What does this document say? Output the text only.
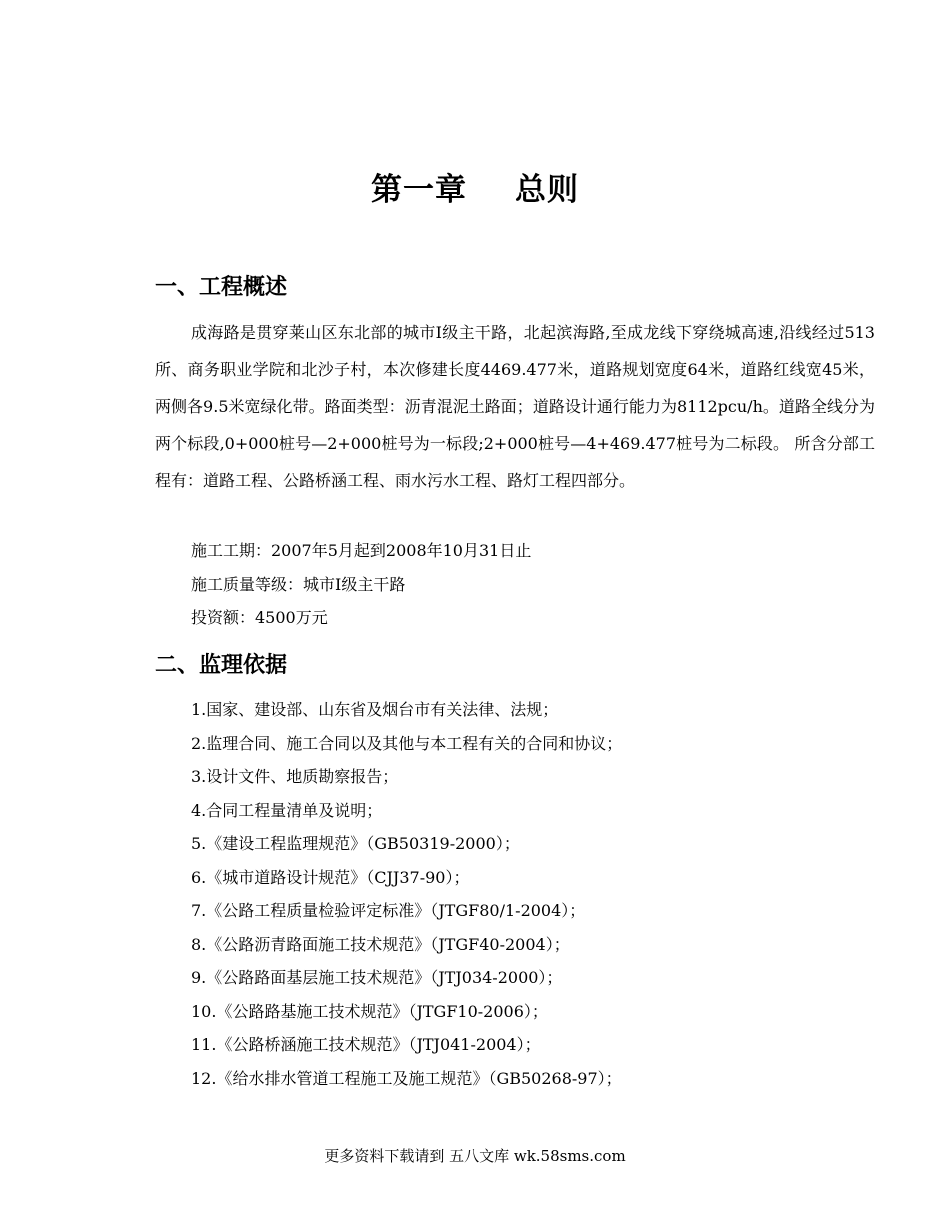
第一章 总则
一、工程概述
成海路是贯穿莱山区东北部的城市Ⅰ级主干路，北起滨海路,至成龙线下穿绕城高速,沿线经过513所、商务职业学院和北沙子村，本次修建长度4469.477米，道路规划宽度64米，道路红线宽45米，两侧各9.5米宽绿化带。路面类型：沥青混泥土路面；道路设计通行能力为8112pcu/h。道路全线分为两个标段,0+000桩号—2+000桩号为一标段;2+000桩号—4+469.477桩号为二标段。 所含分部工程有：道路工程、公路桥涵工程、雨水污水工程、路灯工程四部分。
施工工期：2007年5月起到2008年10月31日止
施工质量等级：城市Ⅰ级主干路
投资额：4500万元
二、监理依据
1.国家、建设部、山东省及烟台市有关法律、法规；
2.监理合同、施工合同以及其他与本工程有关的合同和协议；
3.设计文件、地质勘察报告；
4.合同工程量清单及说明；
5.《建设工程监理规范》（GB50319-2000）；
6.《城市道路设计规范》（CJJ37-90）；
7.《公路工程质量检验评定标准》（JTGF80/1-2004）；
8.《公路沥青路面施工技术规范》（JTGF40-2004）；
9.《公路路面基层施工技术规范》（JTJ034-2000）；
10.《公路路基施工技术规范》（JTGF10-2006）；
11.《公路桥涵施工技术规范》（JTJ041-2004）；
12.《给水排水管道工程施工及施工规范》（GB50268-97）；
更多资料下载请到 五八文库 wk.58sms.com
